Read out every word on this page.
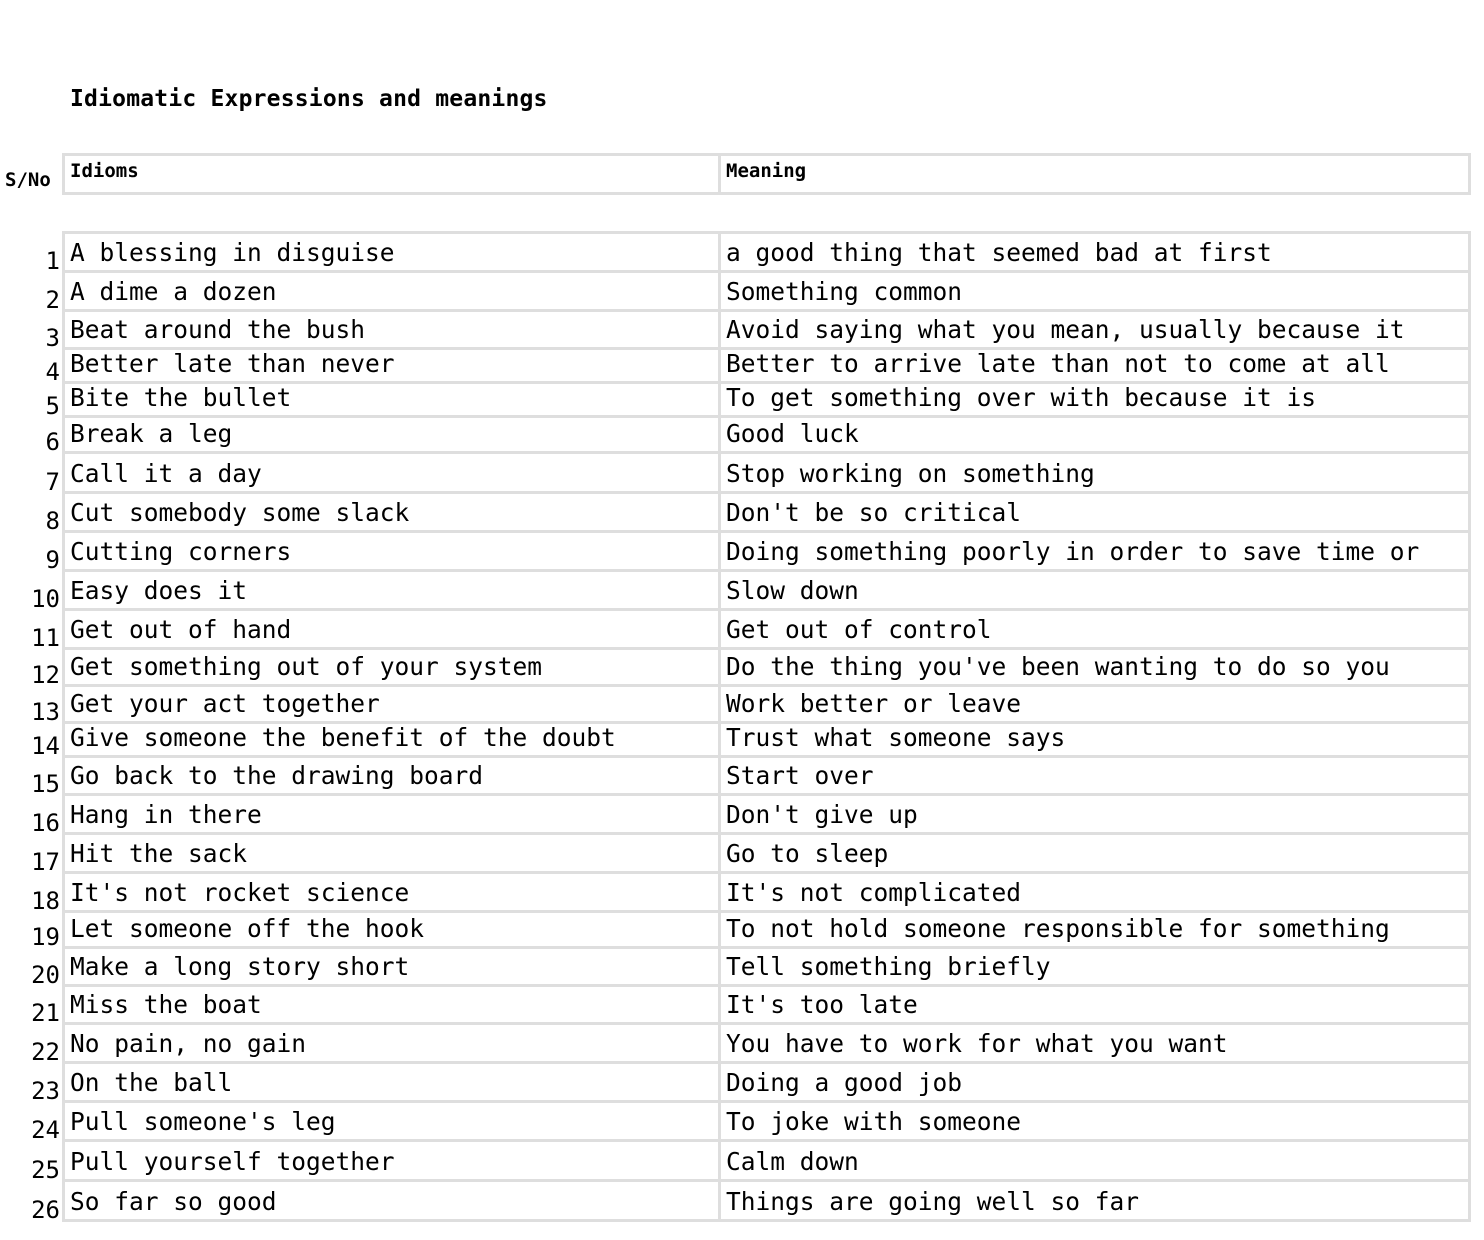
Idiomatic Expressions and meanings
S/No	Idioms	Meaning
1 A blessing in disguise	a good thing that seemed bad at first
2 A dime a dozen	Something common
3 Beat around the bush	Avoid saying what you mean, usually because it
4 Better late than never	Better to arrive late than not to come at all
5 Bite the bullet	To get something over with because it is
6 Break a leg	Good luck
7 Call it a day	Stop working on something
8 Cut somebody some slack	Don't be so critical
9 Cutting corners	Doing something poorly in order to save time or
10 Easy does it	Slow down
11 Get out of hand	Get out of control
12 Get something out of your system	Do the thing you've been wanting to do so you
13 Get your act together	Work better or leave
14 Give someone the benefit of the doubt	Trust what someone says
15 Go back to the drawing board	Start over
16 Hang in there	Don't give up
17 Hit the sack	Go to sleep
18 It's not rocket science	It's not complicated
19 Let someone off the hook	To not hold someone responsible for something
20 Make a long story short	Tell something briefly
21 Miss the boat	It's too late
22 No pain, no gain	You have to work for what you want
23 On the ball	Doing a good job
24 Pull someone's leg	To joke with someone
25 Pull yourself together	Calm down
26 So far so good	Things are going well so far
